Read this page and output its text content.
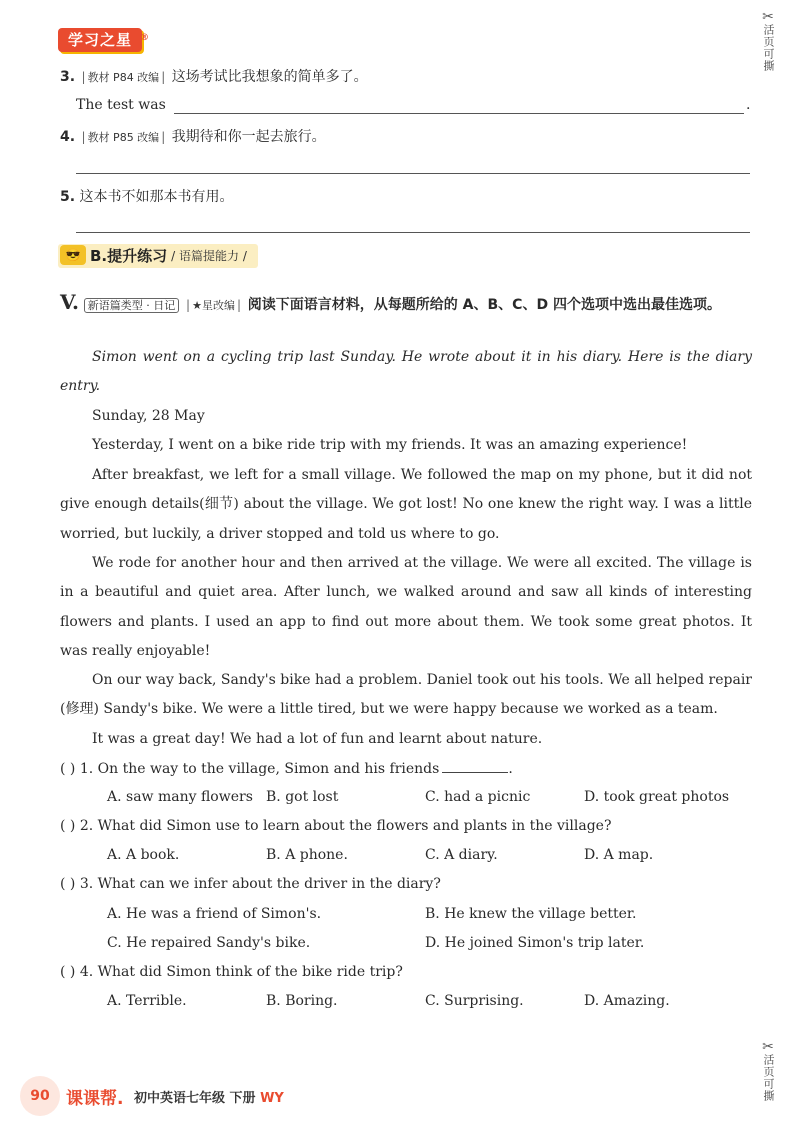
学习之星 ®
✂
活页可撕
✂
活页可撕
3. | 教材 P84 改编 | 这场考试比我想象的简单多了。
The test was	.
4. | 教材 P85 改编 | 我期待和你一起去旅行。
5. 这本书不如那本书有用。
😎 B.提升练习 / 语篇提能力 /
V. 新语篇类型 · 日记 | ★星改编 | 阅读下面语言材料，从每题所给的 A、B、C、D 四个选项中选出最佳选项。
Simon went on a cycling trip last Sunday. He wrote about it in his diary. Here is the diary entry.
Sunday, 28 May
Yesterday, I went on a bike ride trip with my friends. It was an amazing experience!
After breakfast, we left for a small village. We followed the map on my phone, but it did not give enough details(细节) about the village. We got lost! No one knew the right way. I was a little worried, but luckily, a driver stopped and told us where to go.
We rode for another hour and then arrived at the village. We were all excited. The village is in a beautiful and quiet area. After lunch, we walked around and saw all kinds of interesting flowers and plants. I used an app to find out more about them. We took some great photos. It was really enjoyable!
On our way back, Sandy's bike had a problem. Daniel took out his tools. We all helped repair (修理) Sandy's bike. We were a little tired, but we were happy because we worked as a team.
It was a great day! We had a lot of fun and learnt about nature.
( ) 1. On the way to the village, Simon and his friends	.
A. saw many flowers B. got lost	C. had a picnic	D. took great photos
( ) 2. What did Simon use to learn about the flowers and plants in the village?
A. A book.	B. A phone.	C. A diary.	D. A map.
( ) 3. What can we infer about the driver in the diary?
A. He was a friend of Simon's.	B. He knew the village better.
C. He repaired Sandy's bike.	D. He joined Simon's trip later.
( ) 4. What did Simon think of the bike ride trip?
A. Terrible.	B. Boring.	C. Surprising.	D. Amazing.
90 课课帮. 初中英语七年级 下册 WY
